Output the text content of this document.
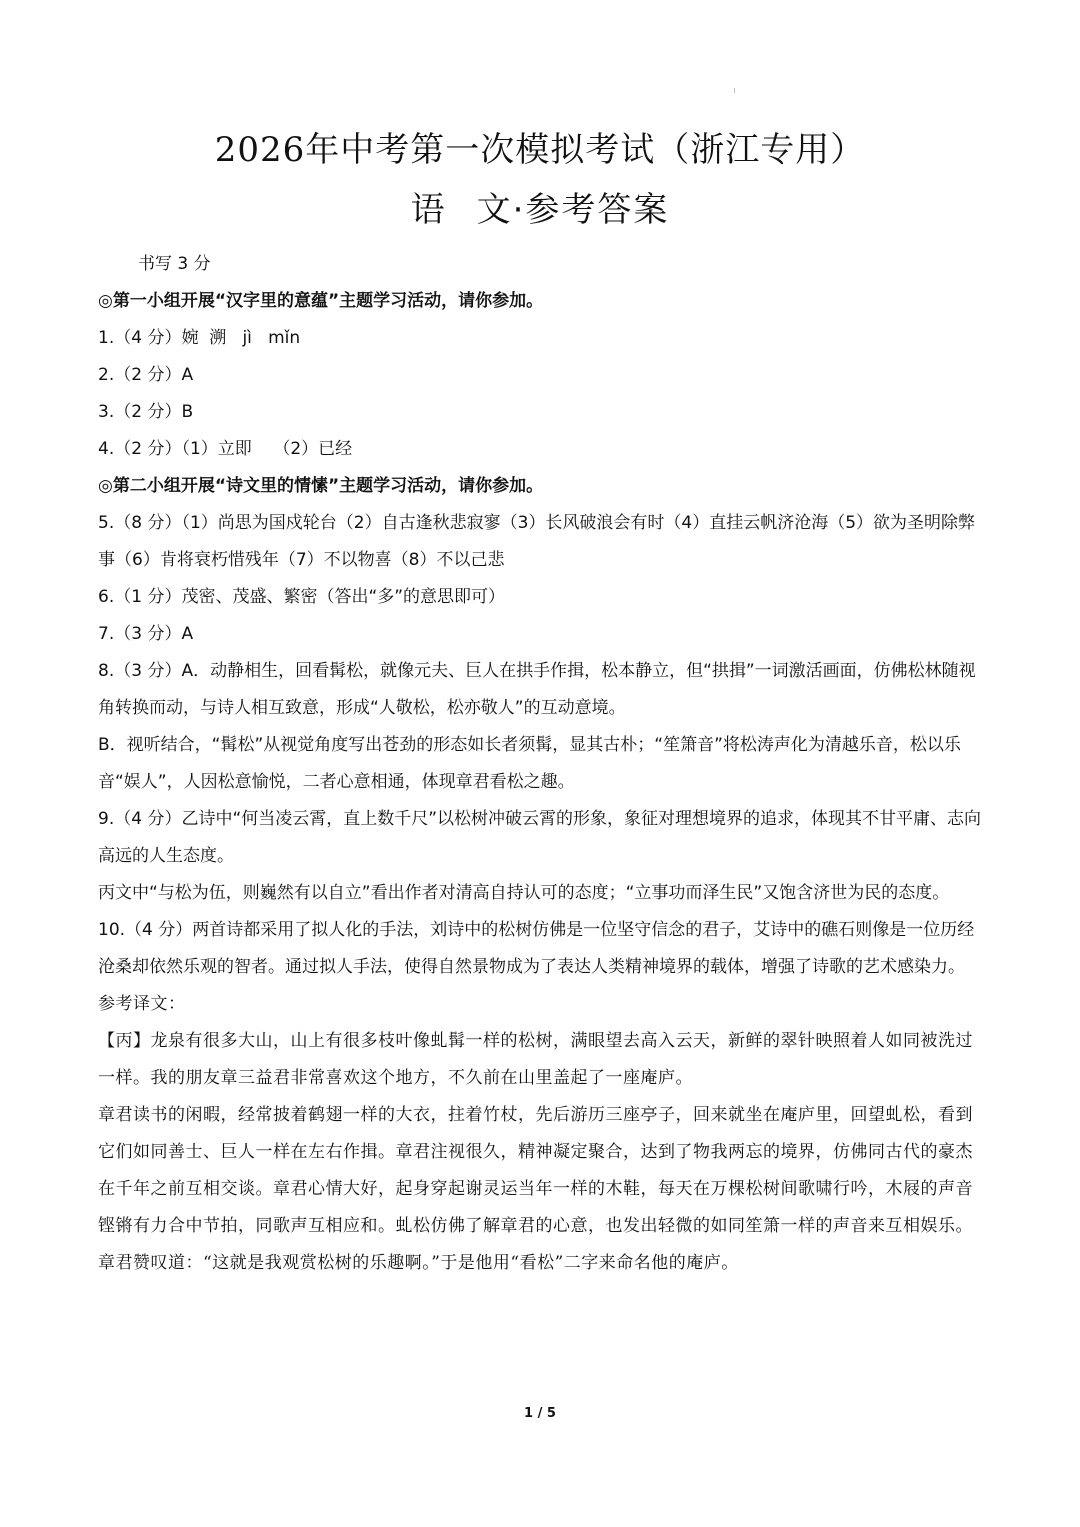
2026年中考第一次模拟考试（浙江专用）
语 文·参考答案

书写 3 分

◎第一小组开展“汉字里的意蕴”主题学习活动，请你参加。

1.（4 分）婉  溯   jì   mǐn

2.（2 分）A

3.（2 分）B

4.（2 分）（1）立即    （2）已经

◎第二小组开展“诗文里的情愫”主题学习活动，请你参加。

5.（8 分）（1）尚思为国戍轮台（2）自古逢秋悲寂寥（3）长风破浪会有时（4）直挂云帆济沧海（5）欲为圣明除弊事（6）肯将衰朽惜残年（7）不以物喜（8）不以己悲

6.（1 分）茂密、茂盛、繁密（答出“多”的意思即可）

7.（3 分）A

8.（3 分）A．动静相生，回看髯松，就像元夫、巨人在拱手作揖，松本静立，但“拱揖”一词激活画面，仿佛松林随视角转换而动，与诗人相互致意，形成“人敬松，松亦敬人”的互动意境。

B．视听结合，“髯松”从视觉角度写出苍劲的形态如长者须髯，显其古朴；“笙箫音”将松涛声化为清越乐音，松以乐音“娱人”，人因松意愉悦，二者心意相通，体现章君看松之趣。

9.（4 分）乙诗中“何当凌云霄，直上数千尺”以松树冲破云霄的形象，象征对理想境界的追求，体现其不甘平庸、志向高远的人生态度。

丙文中“与松为伍，则巍然有以自立”看出作者对清高自持认可的态度；“立事功而泽生民”又饱含济世为民的态度。

10.（4 分）两首诗都采用了拟人化的手法，刘诗中的松树仿佛是一位坚守信念的君子，艾诗中的礁石则像是一位历经沧桑却依然乐观的智者。通过拟人手法，使得自然景物成为了表达人类精神境界的载体，增强了诗歌的艺术感染力。

参考译文：

【丙】龙泉有很多大山，山上有很多枝叶像虬髯一样的松树，满眼望去高入云天，新鲜的翠针映照着人如同被洗过一样。我的朋友章三益君非常喜欢这个地方，不久前在山里盖起了一座庵庐。

章君读书的闲暇，经常披着鹤翅一样的大衣，拄着竹杖，先后游历三座亭子，回来就坐在庵庐里，回望虬松，看到它们如同善士、巨人一样在左右作揖。章君注视很久，精神凝定聚合，达到了物我两忘的境界，仿佛同古代的豪杰在千年之前互相交谈。章君心情大好，起身穿起谢灵运当年一样的木鞋，每天在万棵松树间歌啸行吟，木屐的声音铿锵有力合中节拍，同歌声互相应和。虬松仿佛了解章君的心意，也发出轻微的如同笙箫一样的声音来互相娱乐。章君赞叹道：“这就是我观赏松树的乐趣啊。”于是他用“看松”二字来命名他的庵庐。

1 / 5
